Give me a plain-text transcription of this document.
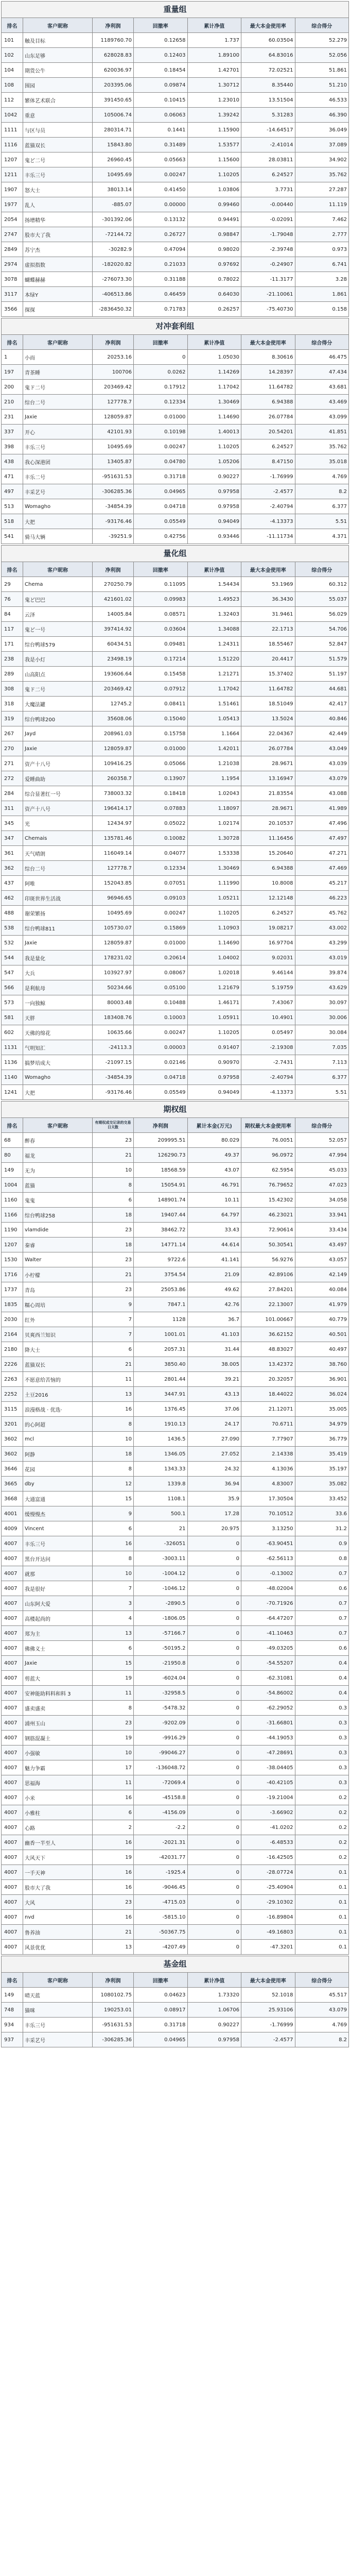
重量组
排名	客户昵称	净利润	回撤率	累计净值	最大本金使用率	综合得分
101	触及目标	1189760.70	0.12658	1.737	60.03504	52.279
102	山东足够	628028.83	0.12403	1.89100	64.83016	52.056
104	期货公牛	620036.97	0.18454	1.42701	72.02521	51.861
108	围园	203395.06	0.09874	1.30712	8.35440	51.210
112	繁体艺术联合	391450.65	0.10415	1.23010	13.51504	46.533
1042	重意	105006.74	0.06063	1.39242	5.31283	46.390
1111	与区与员	280314.71	0.1441	1.15900	-14.64517	36.049
1116	蓝猫双长	15843.80	0.31489	1.53577	-2.41014	37.089
1207	鬼ど二号	26960.45	0.05663	1.15600	28.03811	34.902
1211	丰乐三号	10495.69	0.00247	1.10205	6.24527	35.762
1907	怒大士	38013.14	0.41450	1.03806	3.7731	27.287
1977	乱人	-885.07	0.00000	0.99460	-0.00440	11.119
2054	扬增精华	-301392.06	0.13132	0.94491	-0.02091	7.462
2747	股市大了我	-72144.72	0.26727	0.98847	-1.79048	2.777
2849	苏宁杰	-30282.9	0.47094	0.98020	-2.39748	0.973
2974	虚拟指数	-182020.82	0.21033	0.97692	-0.24907	6.741
3078	蝴蝶赫赫	-276073.30	0.31188	0.78022	-11.3177	3.28
3117	本绿Y	-406513.86	0.46459	0.64030	-21.10061	1.861
3566	探探	-2836450.32	0.71783	0.26257	-75.40730	0.158
对冲套利组
排名	客户昵称	净利润	回撤率	累计净值	最大本金使用率	综合得分
1	小而	20253.16	0	1.05030	8.30616	46.475
197	青茶睡	100706	0.0262	1.14269	14.28397	47.434
200	鬼ド二号	203469.42	0.17912	1.17042	11.64782	43.681
210	综台二号	127778.7	0.12334	1.30469	6.94388	43.469
231	Jaxie	128059.87	0.01000	1.14690	26.07784	43.099
337	开心	42101.93	0.10198	1.40013	20.54201	41.851
398	丰乐三号	10495.69	0.00247	1.10205	6.24527	35.762
438	我心深港团	13405.87	0.04780	1.05206	8.47150	35.018
471	丰乐二号	-951631.53	0.31718	0.90227	-1.76999	4.769
497	丰采艺号	-306285.36	0.04965	0.97958	-2.4577	8.2
513	Womagho	-34854.39	0.04718	0.97958	-2.40794	6.377
518	大把	-93176.46	0.05549	0.94049	-4.13373	5.51
541	骑马大辆	-39251.9	0.42756	0.93446	-11.11734	4.371
量化组
排名	客户昵称	净利润	回撤率	累计净值	最大本金使用率	综合得分
29	Chema	270250.79	0.11095	1.54434	53.1969	60.312
76	鬼ど巴巴	421601.02	0.09983	1.49523	36.3430	55.037
84	云泽	14005.84	0.08571	1.32403	31.9461	56.029
117	鬼ど一号	397414.92	0.03604	1.34088	22.1713	54.706
171	综台鸭球579	60434.51	0.09481	1.24311	18.55467	52.847
238	我是小灯	23498.19	0.17214	1.51220	20.4417	51.579
289	山高阳点	193606.64	0.15458	1.21271	15.37402	51.197
308	鬼ド二号	203469.42	0.07912	1.17042	11.64782	44.681
318	大魔法罐	12745.2	0.08411	1.51461	18.51049	42.417
319	综台鸭球200	35608.06	0.15040	1.05413	13.5024	40.846
267	Jayd	208961.03	0.15758	1.1664	22.04367	42.449
270	Jaxie	128059.87	0.01000	1.42011	26.07784	43.049
271	资产十八号	109416.25	0.05066	1.21038	28.9671	43.039
272	爱睡曲助	260358.7	0.13907	1.1954	13.16947	43.079
284	综合显著红一号	738003.32	0.18418	1.02043	21.83554	43.088
311	资产十八号	196414.17	0.07883	1.18097	28.9671	41.989
345	光	12434.97	0.05022	1.02174	20.10537	47.496
347	Chemais	135781.46	0.10082	1.30728	11.16456	47.497
361	天气晴朗	116049.14	0.04077	1.53338	15.20640	47.271
362	综台二号	127778.7	0.12334	1.30469	6.94388	47.469
437	阿唯	152043.85	0.07051	1.11990	10.8008	45.217
462	印斑世界生活战	96946.65	0.09103	1.05211	12.12148	46.223
488	谢荣繁扬	10495.69	0.00247	1.10205	6.24527	45.762
538	综台鸭球811	105730.07	0.15869	1.10903	19.08217	43.002
532	Jaxie	128059.87	0.01000	1.14690	16.97704	43.299
544	我是量化	178231.02	0.20614	1.04002	9.02031	43.019
547	大兵	103927.97	0.08067	1.02018	9.46144	39.874
566	是利航母	50234.66	0.05100	1.21679	5.19759	43.629
573	一向独鲸	80003.48	0.10488	1.46171	7.43067	30.097
581	天胖	183408.76	0.10003	1.05911	10.4901	30.006
602	天佛的绵花	10635.66	0.00247	1.10205	0.05497	30.084
1131	气明知汇	-24113.3	0.00003	0.91407	-2.19308	7.035
1136	搞梦培成大	-21097.15	0.02146	0.90970	-2.7431	7.113
1140	Womagho	-34854.39	0.04718	0.97958	-2.40794	6.377
1241	大把	-93176.46	0.05549	0.94049	-4.13373	5.51
期权组
排名	客户昵称	有期权成交记录的交易日天数	净利润	累计本金(万元)	期权最大本金使用率	综合得分
68	醉春	23	209995.51	80.029	76.0051	52.057
80	福龙	21	126290.73	49.37	96.0972	47.994
149	无为	10	18568.59	43.07	62.5954	45.033
1004	蓝猫	8	15054.91	46.791	76.79652	47.023
1160	鬼鬼	6	148901.74	10.11	15.42302	34.058
1166	综台鸭球258	18	19407.44	64.797	46.23021	33.941
1190	vlamdide	23	38462.72	33.43	72.90614	33.434
1207	秦睿	18	14771.14	44.614	50.30541	43.497
1530	Walter	23	9722.6	41.141	56.9276	43.057
1716	小柠檬	21	3754.54	21.09	42.89106	42.149
1737	青岛	23	25053.86	49.62	27.84201	40.084
1835	糯心周培	9	7847.1	42.76	22.13007	41.979
2030	红外	7	1128	36.7	101.00667	40.779
2164	贝爽西兰知识	7	1001.01	41.103	36.62152	40.501
2180	降大士	6	2057.31	31.44	48.83027	40.497
2226	蓝猫双长	21	3850.40	38.005	13.42372	38.760
2263	不愿意给苦恼的	11	2801.44	39.21	20.32057	36.901
2252	土豆2016	13	3447.91	43.13	18.44022	36.024
3115	浪漫格战 · 优选·	16	1376.45	37.06	21.12071	35.005
3201	的心阿超	8	1910.13	24.17	70.6711	34.979
3602	mcl	10	1436.5	27.090	7.77907	36.779
3602	阿静	18	1346.05	27.052	2.14338	35.419
3646	花园	8	1343.33	24.32	4.13036	35.197
3665	dby	12	1339.8	36.94	4.83007	35.082
3668	大通富通	15	1108.1	35.9	17.30504	33.452
4001	缓慢慢杰	9	500.1	17.28	70.10512	33.6
4009	Vincent	6	21	20.975	3.13250	31.2
4007	丰乐三号	16	-326051	0	-63.90451	0.9
4007	黑台开达问	8	-3003.11	0	-62.56113	0.8
4007	就那	10	-1004.12	0	-0.13002	0.7
4007	我是很好	7	-1046.12	0	-48.02004	0.6
4007	山东阿大爱	3	-2890.5	0	-70.71926	0.7
4007	高楼起尚的	4	-1806.05	0	-64.47207	0.7
4007	郑为主	13	-57166.7	0	-41.10463	0.7
4007	佛佛义士	6	-50195.2	0	-49.03205	0.6
4007	Jaxie	15	-21950.8	0	-54.55207	0.4
4007	剪蓝大	19	-6024.04	0	-62.31081	0.4
4007	安神能助料料和料 3	11	-32958.5	0	-54.86002	0.4
4007	盛卖盛卖	8	-5478.32	0	-62.29052	0.3
4007	浦州玉山	23	-9202.09	0	-31.66801	0.3
4007	钢筋混凝土	19	-9916.29	0	-44.19053	0.3
4007	小强敏	10	-99046.27	0	-47.28691	0.3
4007	魅力争霸	17	-136048.72	0	-38.04405	0.3
4007	思福海	11	-72069.4	0	-40.42105	0.3
4007	小米	16	-45158.8	0	-19.21004	0.2
4007	小雅柱	6	-4156.09	0	-3.66902	0.2
4007	心路	2	-2.2	0	-41.0202	0.2
4007	幽香一半至人	16	-2021.31	0	-6.48533	0.2
4007	大风天下	19	-42031.77	0	-16.42505	0.2
4007	一手天神	16	-1925.4	0	-28.07724	0.1
4007	股市大了我	16	-9046.45	0	-25.40904	0.1
4007	大风	23	-4715.03	0	-29.10302	0.1
4007	nvd	16	-5815.10	0	-16.89804	0.1
4007	鲁养油	21	-50367.75	0	-49.16803	0.1
4007	风景优优	13	-4207.49	0	-47.3201	0.1
基金组
排名	客户昵称	净利润	回撤率	累计净值	最大本金使用率	综合得分
149	晴天蓝	1080102.75	0.04623	1.73320	52.1018	45.517
748	猫咪	190253.01	0.08917	1.06706	25.93106	43.079
934	丰乐三号	-951631.53	0.31718	0.90227	-1.76999	4.769
937	丰采艺号	-306285.36	0.04965	0.97958	-2.4577	8.2
